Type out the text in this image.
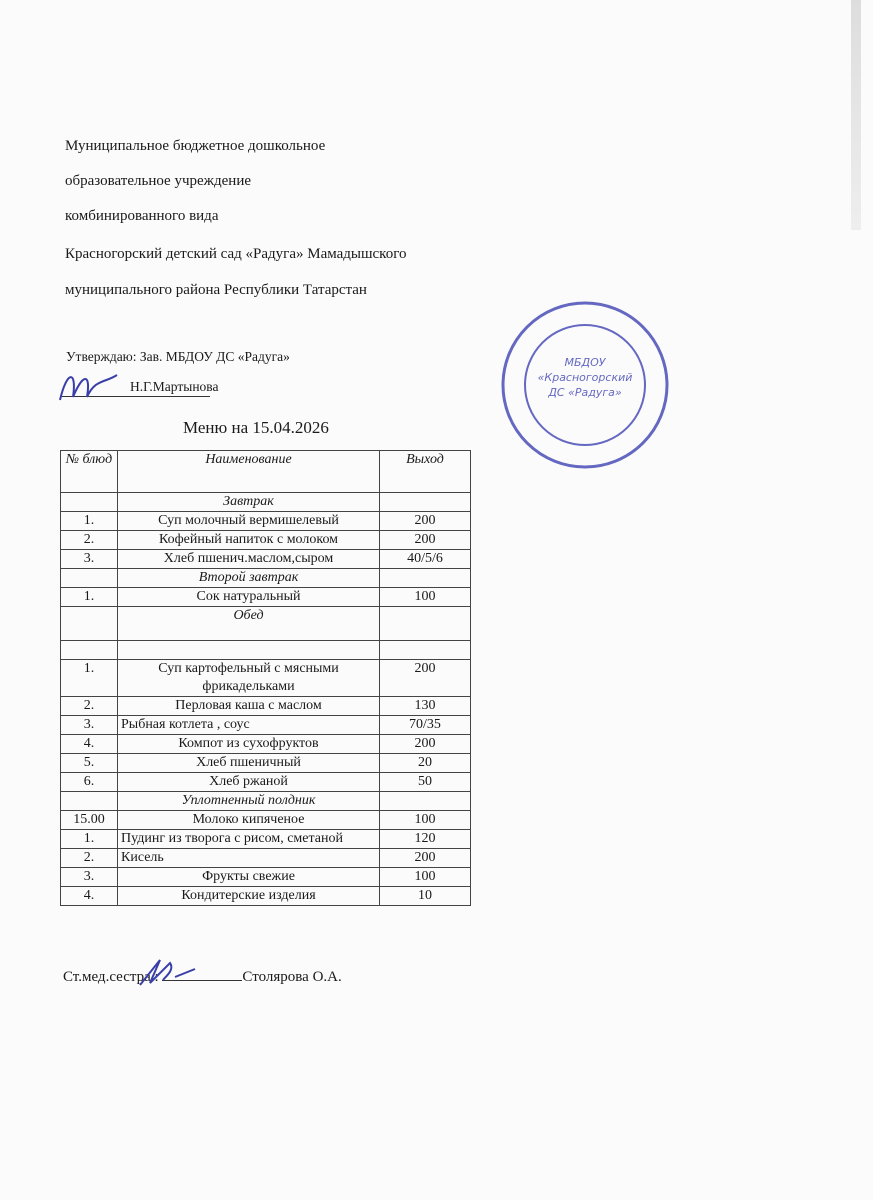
Муниципальное бюджетное дошкольное
образовательное учреждение
комбинированного вида
Красногорский детский сад «Радуга» Мамадышского
муниципального района Республики Татарстан
Утверждаю: Зав. МБДОУ ДС «Радуга»
Н.Г.Мартынова
Меню на 15.04.2026
МБДОУ «Красногорский ДС «Радуга»
№ блюд	Наименование	Выход
	Завтрак	
1.	Суп молочный вермишелевый	200
2.	Кофейный напиток с молоком	200
3.	Хлеб пшенич.маслом,сыром	40/5/6
	Второй завтрак	
1.	Сок натуральный	100
	Обед	

1.	Суп картофельный с мясными фрикадельками	200
2.	Перловая каша с маслом	130
3.	Рыбная котлета , соус	70/35
4.	Компот из сухофруктов	200
5.	Хлеб пшеничный	20
6.	Хлеб ржаной	50
	Уплотненный полдник	
15.00	Молоко кипяченое	100
1.	Пудинг из творога с рисом, сметаной	120
2.	Кисель	200
3.	Фрукты свежие	100
4.	Кондитерские изделия	10
Ст.мед.сестра :	Столярова О.А.
